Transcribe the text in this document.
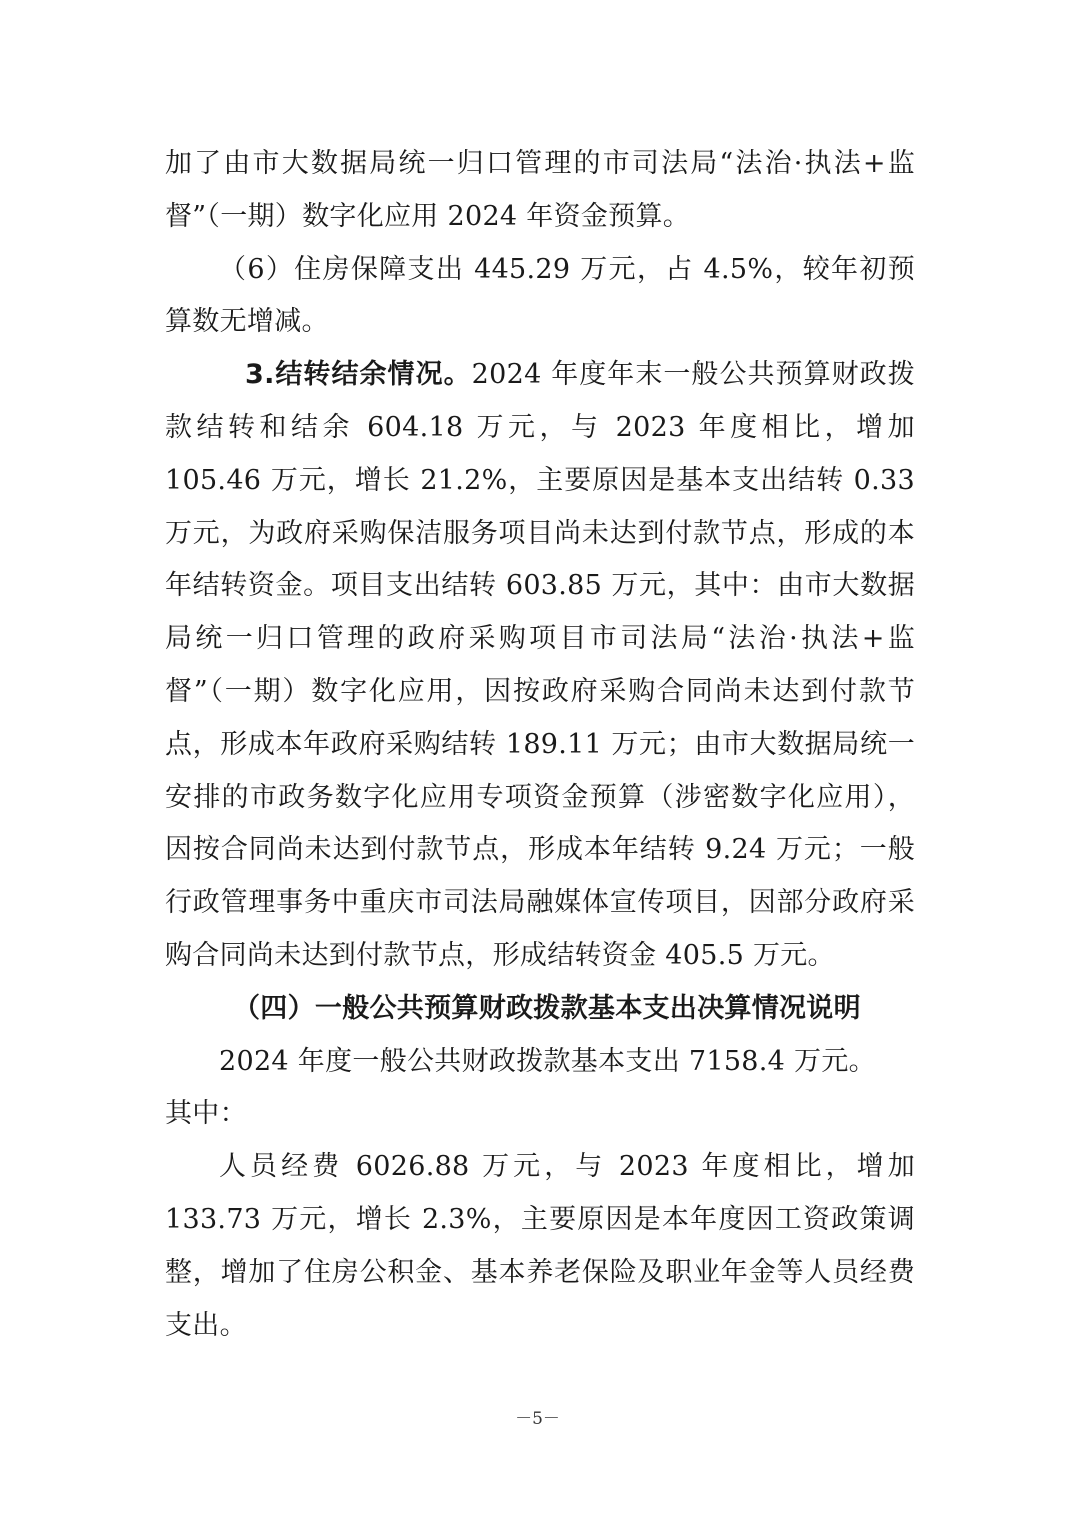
加了由市大数据局统一归口管理的市司法局“法治·执法+监督”（一期）数字化应用 2024 年资金预算。

（6）住房保障支出 445.29 万元，占 4.5%，较年初预算数无增减。

3.结转结余情况。2024 年度年末一般公共预算财政拨款结转和结余 604.18 万元，与 2023 年度相比，增加 105.46 万元，增长 21.2%，主要原因是基本支出结转 0.33 万元，为政府采购保洁服务项目尚未达到付款节点，形成的本年结转资金。项目支出结转 603.85 万元，其中：由市大数据局统一归口管理的政府采购项目市司法局“法治·执法+监督”（一期）数字化应用，因按政府采购合同尚未达到付款节点，形成本年政府采购结转 189.11 万元；由市大数据局统一安排的市政务数字化应用专项资金预算（涉密数字化应用），因按合同尚未达到付款节点，形成本年结转 9.24 万元；一般行政管理事务中重庆市司法局融媒体宣传项目，因部分政府采购合同尚未达到付款节点，形成结转资金 405.5 万元。

（四）一般公共预算财政拨款基本支出决算情况说明

2024 年度一般公共财政拨款基本支出 7158.4 万元。

其中：

人员经费 6026.88 万元，与 2023 年度相比，增加 133.73 万元，增长 2.3%，主要原因是本年度因工资政策调整，增加了住房公积金、基本养老保险及职业年金等人员经费支出。

－5－
